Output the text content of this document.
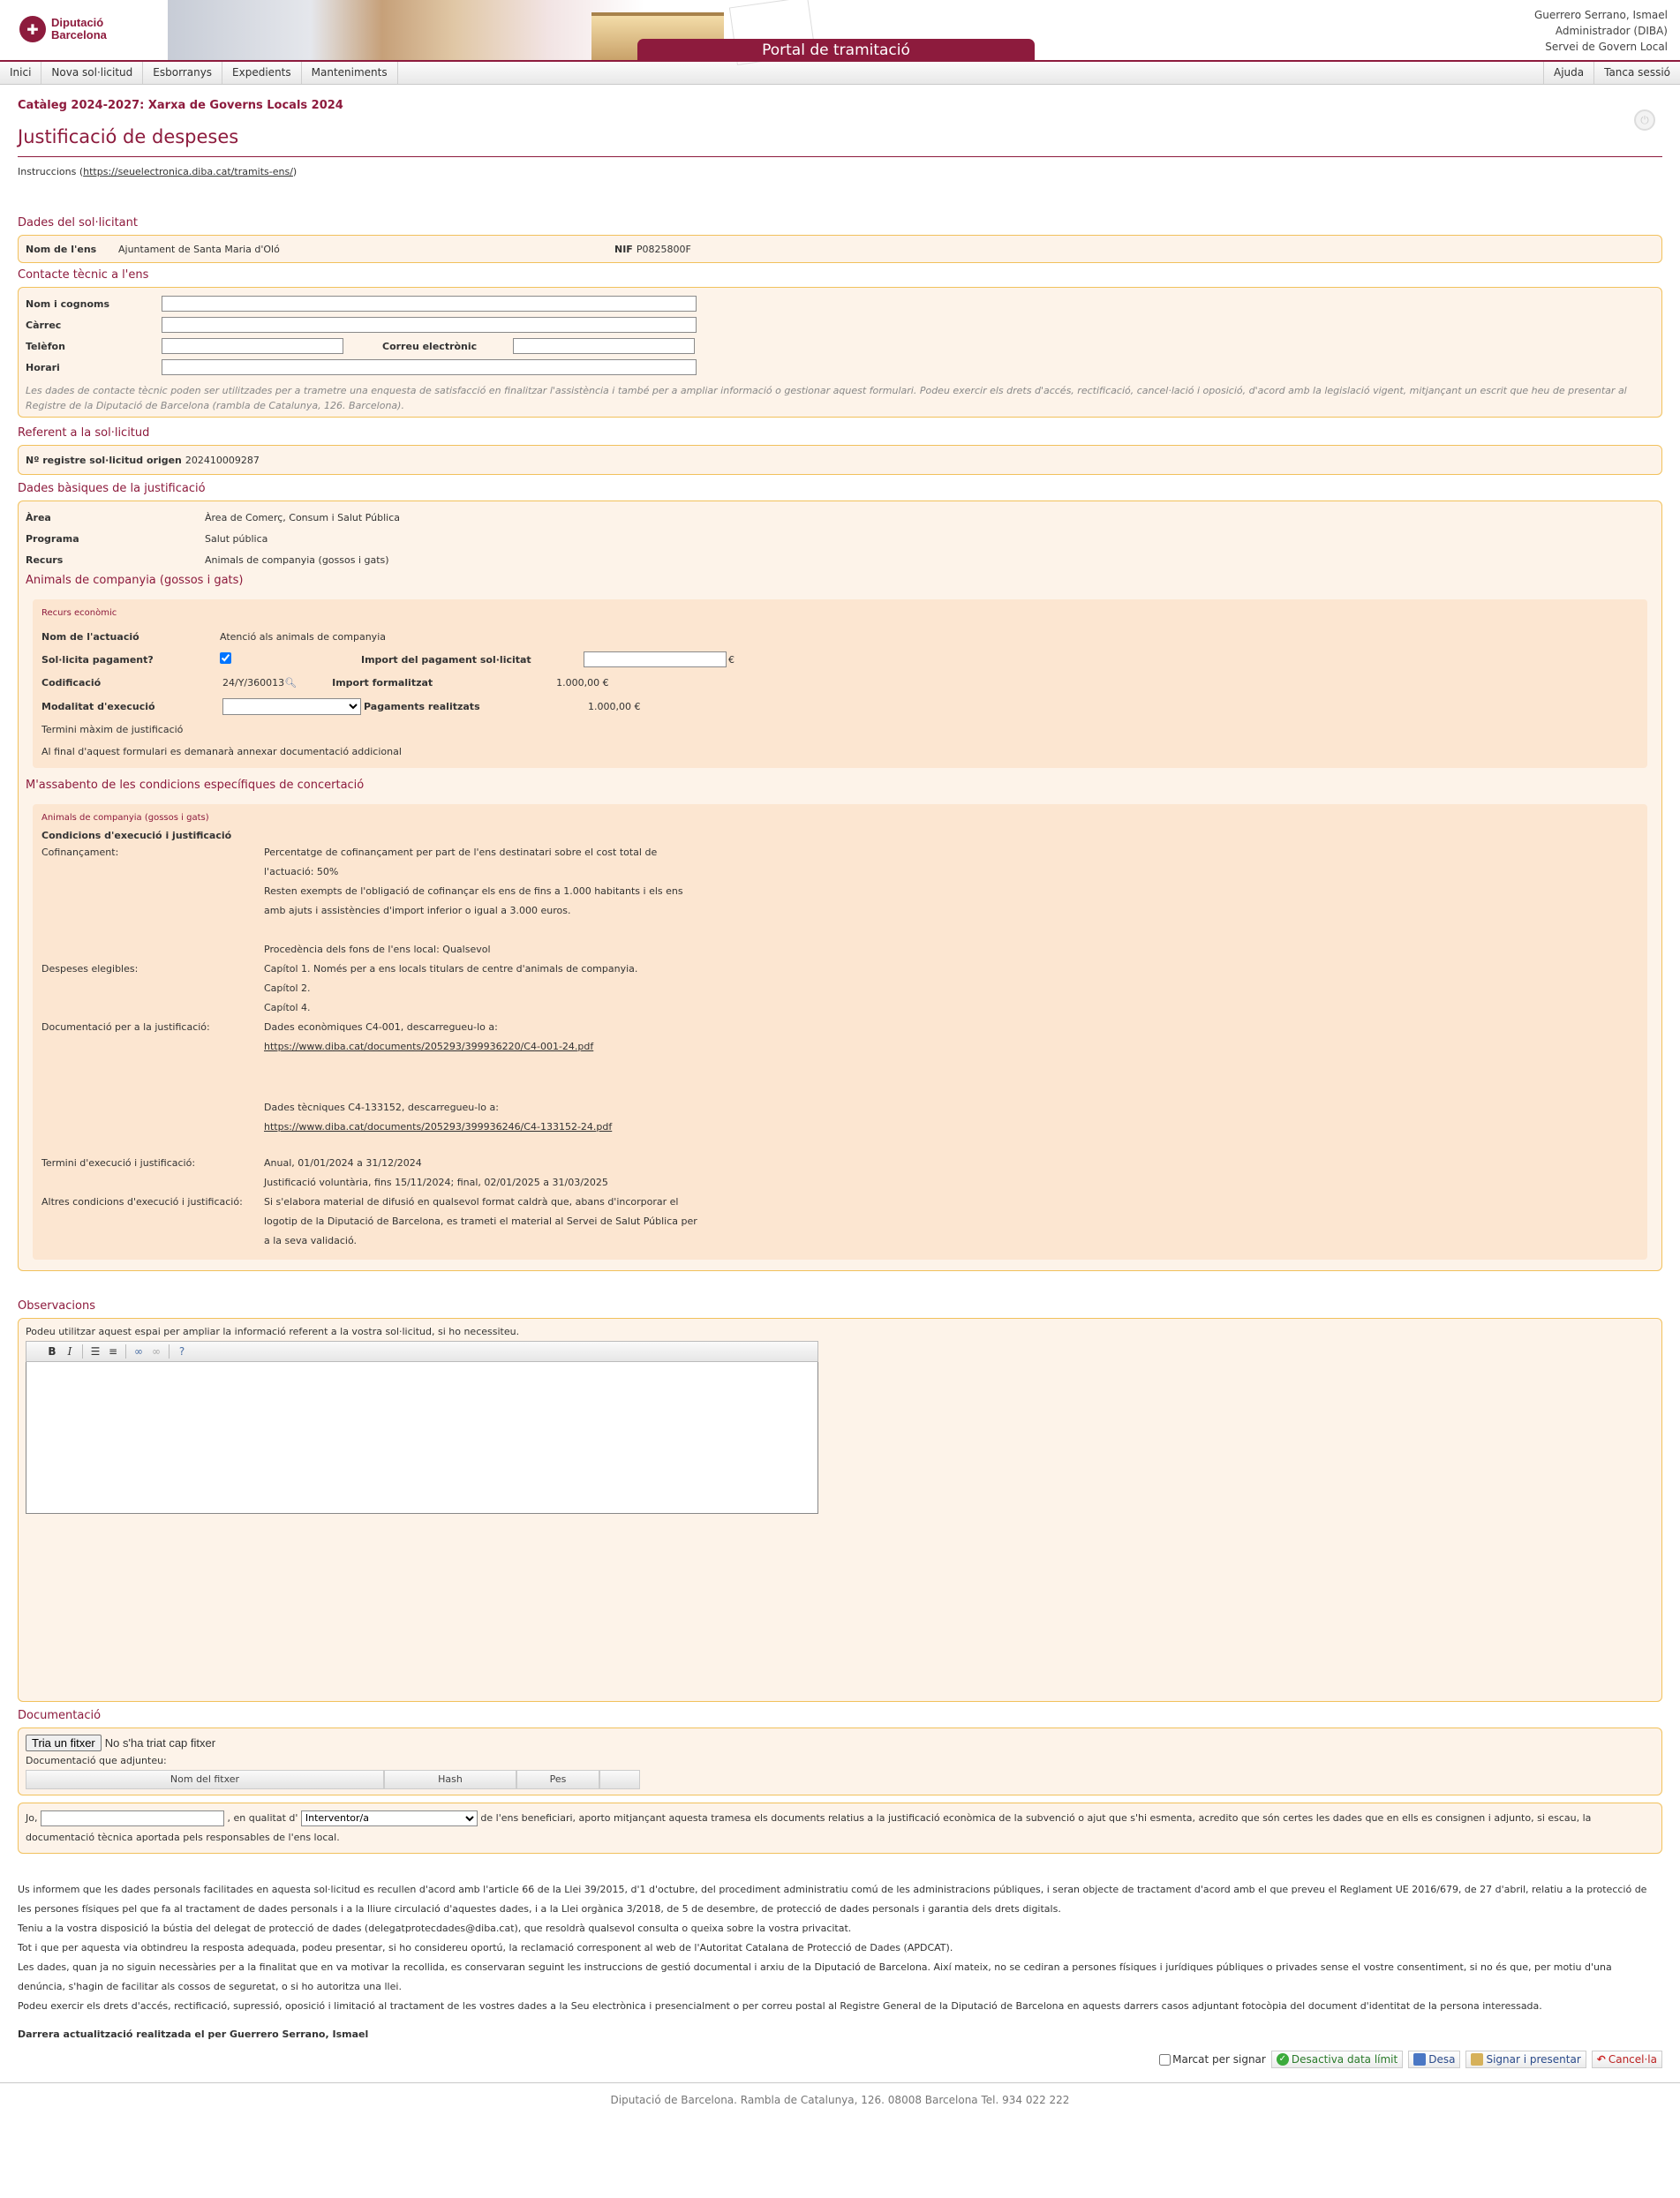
✚	Diputació
Barcelona
Portal de tramitació
Guerrero Serrano, Ismael
Administrador (DIBA)
Servei de Govern Local
Inici	Nova sol·licitud	Esborranys	Expedients	Manteniments	Ajuda	Tanca sessió
⏻
Catàleg 2024-2027: Xarxa de Governs Locals 2024
Justificació de despeses
Instruccions (https://seuelectronica.diba.cat/tramits-ens/)
Dades del sol·licitant
Nom de l'ens	Ajuntament de Santa Maria d'Oló	NIF P0825800F
Contacte tècnic a l'ens
Nom i cognoms
Càrrec
Telèfon	Correu electrònic
Horari
Les dades de contacte tècnic poden ser utilitzades per a trametre una enquesta de satisfacció en finalitzar l'assistència i també per a ampliar informació o gestionar aquest formulari. Podeu exercir els drets d'accés, rectificació, cancel·lació i oposició, d'acord amb la legislació vigent, mitjançant un escrit que heu de presentar al Registre de la Diputació de Barcelona (rambla de Catalunya, 126. Barcelona).
Referent a la sol·licitud
Nº registre sol·licitud origen 202410009287
Dades bàsiques de la justificació
Àrea	Àrea de Comerç, Consum i Salut Pública
Programa	Salut pública
Recurs	Animals de companyia (gossos i gats)
Animals de companyia (gossos i gats)
Recurs econòmic
Nom de l'actuació	Atenció als animals de companyia
Sol·licita pagament?	Import del pagament sol·licitat	€
Codificació	24/Y/360013 🔍︎	Import formalitzat	1.000,00 €
Modalitat d'execució	Pagaments realitzats	1.000,00 €
Termini màxim de justificació
Al final d'aquest formulari es demanarà annexar documentació addicional
M'assabento de les condicions específiques de concertació
Animals de companyia (gossos i gats)
Condicions d'execució i justificació
Cofinançament:	Percentatge de cofinançament per part de l'ens destinatari sobre el cost total de
l'actuació: 50%
Resten exempts de l'obligació de cofinançar els ens de fins a 1.000 habitants i els ens
amb ajuts i assistències d'import inferior o igual a 3.000 euros.
Procedència dels fons de l'ens local: Qualsevol
Despeses elegibles:	Capítol 1. Només per a ens locals titulars de centre d'animals de companyia.
Capítol 2.
Capítol 4.
Documentació per a la justificació:	Dades econòmiques C4-001, descarregueu-lo a:
https://www.diba.cat/documents/205293/399936220/C4-001-24.pdf
Dades tècniques C4-133152, descarregueu-lo a:
https://www.diba.cat/documents/205293/399936246/C4-133152-24.pdf
Termini d'execució i justificació:	Anual, 01/01/2024 a 31/12/2024
Justificació voluntària, fins 15/11/2024; final, 02/01/2025 a 31/03/2025
Altres condicions d'execució i justificació:	Si s'elabora material de difusió en qualsevol format caldrà que, abans d'incorporar el
logotip de la Diputació de Barcelona, es trameti el material al Servei de Salut Pública per
a la seva validació.
Observacions
Podeu utilitzar aquest espai per ampliar la informació referent a la vostra sol·licitud, si ho necessiteu.
B	I	☰ ≡	∞ ∞	?
Documentació
Tria un fitxer No s'ha triat cap fitxer
Documentació que adjunteu:
Nom del fitxer	Hash	Pes
Jo,	, en qualitat d'
Interventor/a	de l'ens beneficiari, aporto mitjançant aquesta tramesa els documents relatius a la justificació econòmica de la subvenció o ajut que s'hi esmenta, acredito que són certes les dades que en ells es consignen i adjunto, si escau, la
documentació tècnica aportada pels responsables de l'ens local.
Us informem que les dades personals facilitades en aquesta sol·licitud es recullen d'acord amb l'article 66 de la Llei 39/2015, d'1 d'octubre, del procediment administratiu comú de les administracions públiques, i seran objecte de tractament d'acord amb el que preveu el Reglament UE 2016/679, de 27 d'abril, relatiu a la protecció de les persones físiques pel que fa al tractament de dades personals i a la lliure circulació d'aquestes dades, i a la Llei orgànica 3/2018, de 5 de desembre, de protecció de dades personals i garantia dels drets digitals.
Teniu a la vostra disposició la bústia del delegat de protecció de dades (delegatprotecdades@diba.cat), que resoldrà qualsevol consulta o queixa sobre la vostra privacitat.
Tot i que per aquesta via obtindreu la resposta adequada, podeu presentar, si ho considereu oportú, la reclamació corresponent al web de l'Autoritat Catalana de Protecció de Dades (APDCAT).
Les dades, quan ja no siguin necessàries per a la finalitat que en va motivar la recollida, es conservaran seguint les instruccions de gestió documental i arxiu de la Diputació de Barcelona. Així mateix, no se cediran a persones físiques i jurídiques públiques o privades sense el vostre consentiment, si no és que, per motiu d'una denúncia, s'hagin de facilitar als cossos de seguretat, o si ho autoritza una llei.
Podeu exercir els drets d'accés, rectificació, supressió, oposició i limitació al tractament de les vostres dades a la Seu electrònica i presencialment o per correu postal al Registre General de la Diputació de Barcelona en aquests darrers casos adjuntant fotocòpia del document d'identitat de la persona interessada.
Darrera actualització realitzada el per Guerrero Serrano, Ismael
Marcat per signar ✓ Desactiva data límit	Desa	Signar i presentar ↶ Cancel·la
Diputació de Barcelona. Rambla de Catalunya, 126. 08008 Barcelona Tel. 934 022 222
